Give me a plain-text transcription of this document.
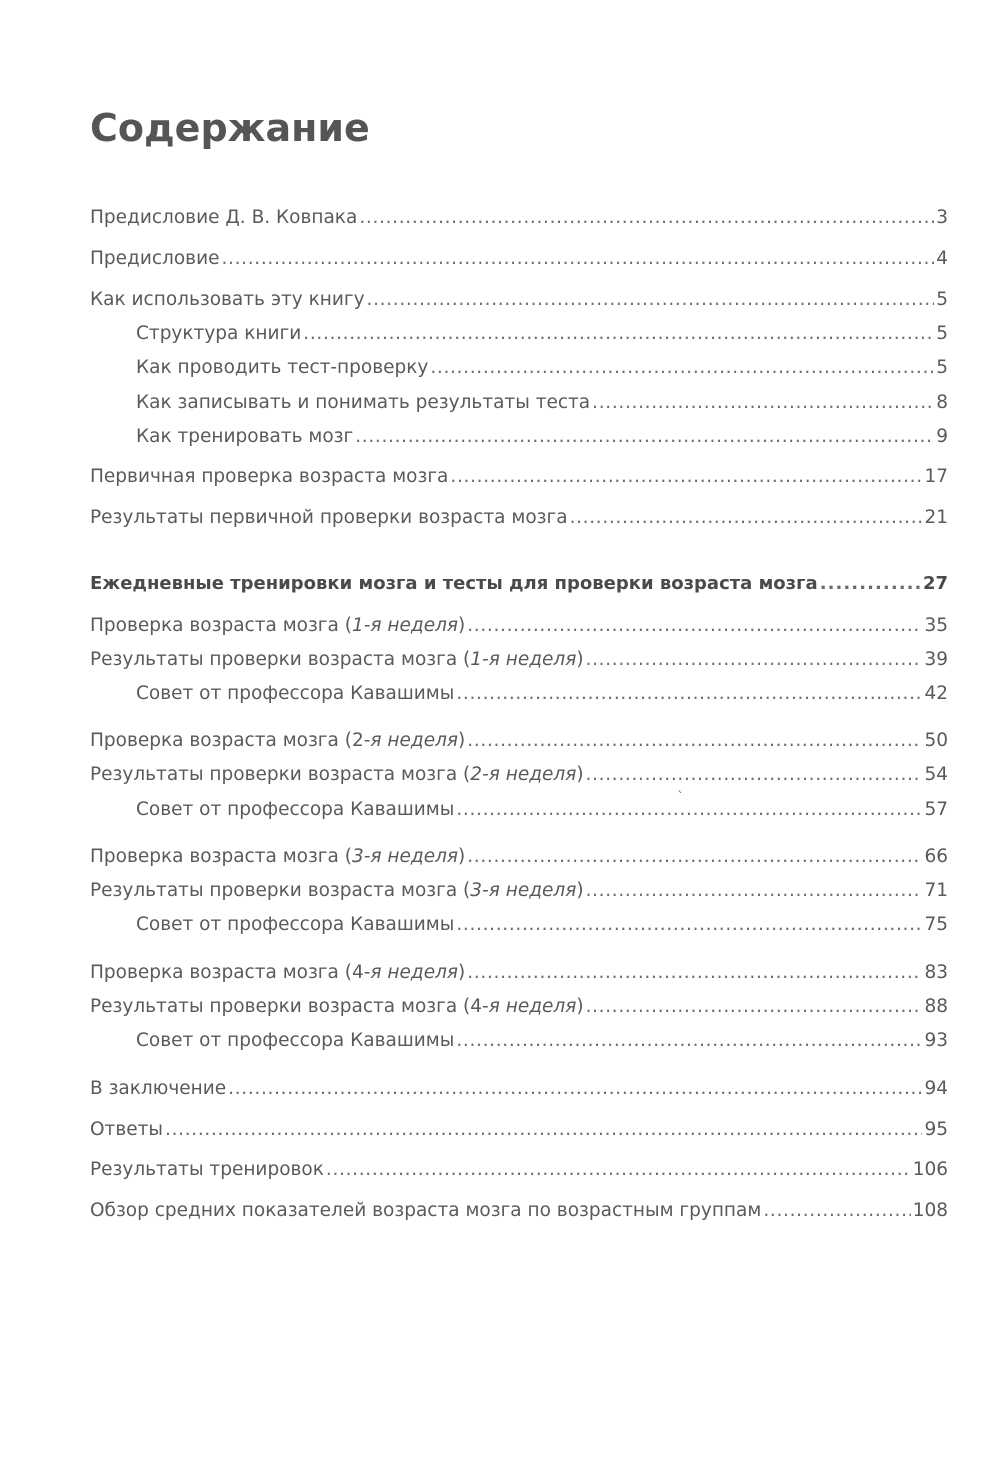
Содержание
Предисловие Д. В. Ковпака . . .	3
Предисловие . . .	4
Как использовать эту книгу . . .	5
Структура книги . . .	5
Как проводить тест-проверку . . .	5
Как записывать и понимать результаты теста . . .	8
Как тренировать мозг . . .	9
Первичная проверка возраста мозга . . .	17
Результаты первичной проверки возраста мозга . . .	21
Ежедневные тренировки мозга и тесты для проверки возраста мозга . . .	27
Проверка возраста мозга (1-я неделя) . . .	35
Результаты проверки возраста мозга (1-я неделя) . . .	39
Совет от профессора Кавашимы . . .	42
Проверка возраста мозга (2-я неделя) . . .	50
Результаты проверки возраста мозга (2-я неделя) . . .	54
Совет от профессора Кавашимы . . .	57
Проверка возраста мозга (3-я неделя) . . .	66
Результаты проверки возраста мозга (3-я неделя) . . .	71
Совет от профессора Кавашимы . . .	75
Проверка возраста мозга (4-я неделя) . . .	83
Результаты проверки возраста мозга (4-я неделя) . . .	88
Совет от профессора Кавашимы . . .	93
В заключение . . .	94
Ответы . . .	95
Результаты тренировок . . .	106
Обзор средних показателей возраста мозга по возрастным группам . . .	108
`
